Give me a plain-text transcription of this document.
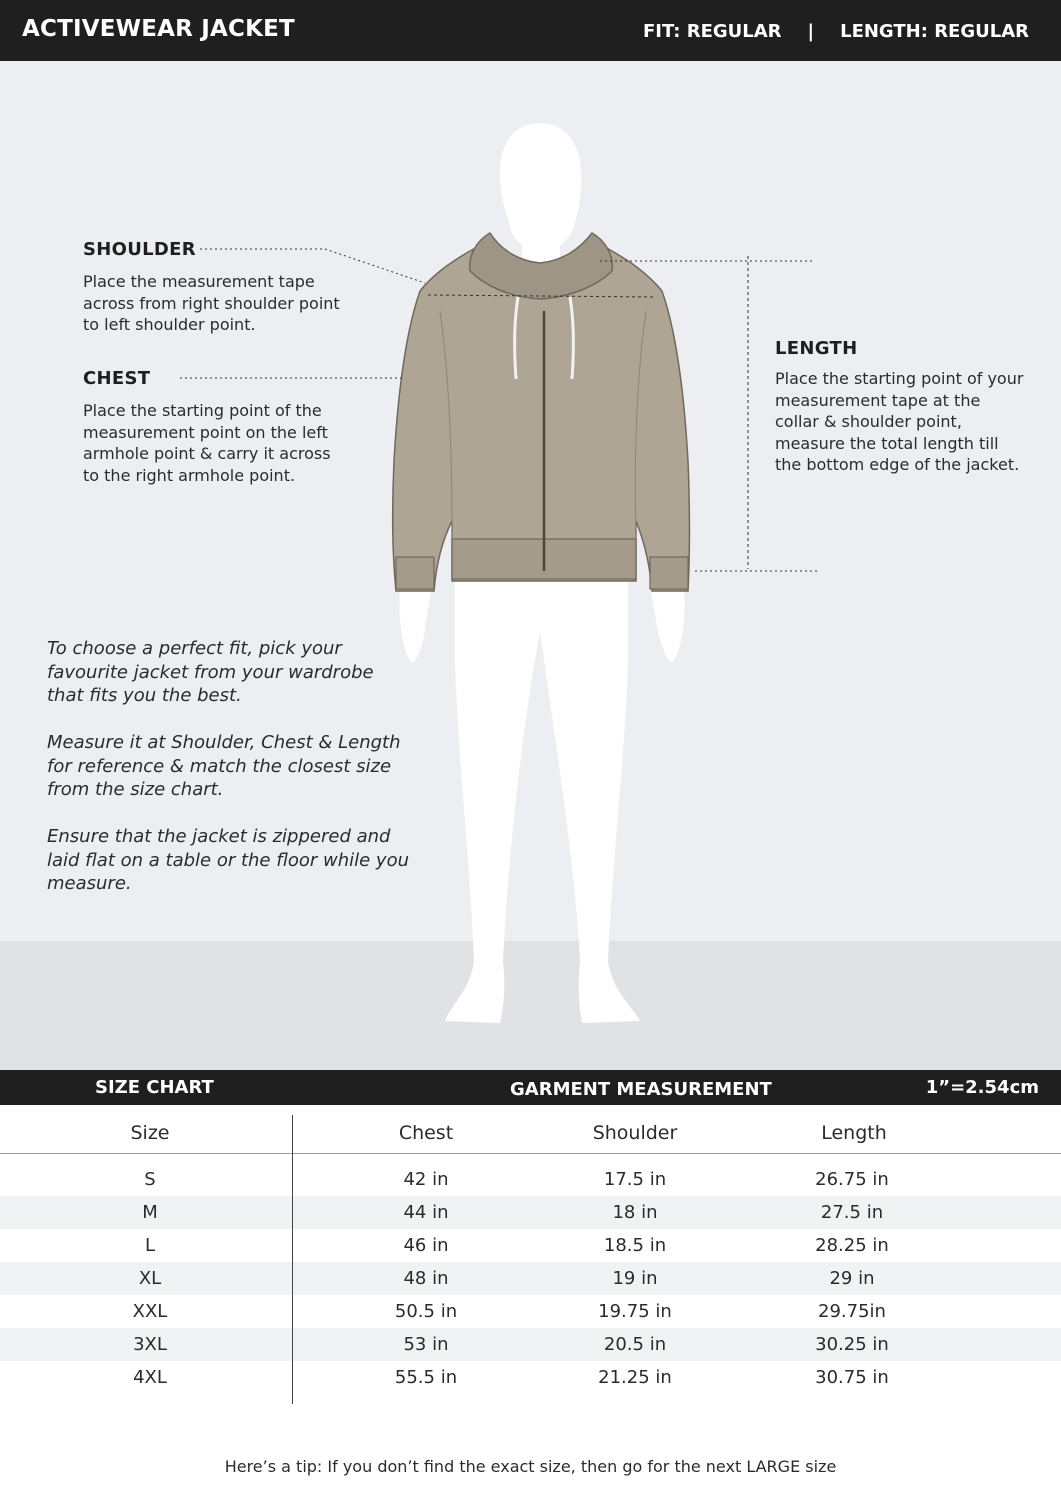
ACTIVEWEAR JACKET	FIT: REGULAR | LENGTH: REGULAR
SHOULDER
Place the measurement tape
across from right shoulder point
to left shoulder point.
CHEST
Place the starting point of the
measurement point on the left
armhole point & carry it across
to the right armhole point.
LENGTH
Place the starting point of your
measurement tape at the
collar & shoulder point,
measure the total length till
the bottom edge of the jacket.
To choose a perfect fit, pick your
favourite jacket from your wardrobe
that fits you the best.
Measure it at Shoulder, Chest & Length
for reference & match the closest size
from the size chart.
Ensure that the jacket is zippered and
laid flat on a table or the floor while you
measure.
SIZE CHART	GARMENT MEASUREMENT	1”=2.54cm
Size	Chest	Shoulder	Length
S	42 in	17.5 in	26.75 in
M	44 in	18 in	27.5 in
L	46 in	18.5 in	28.25 in
XL	48 in	19 in	29 in
XXL	50.5 in	19.75 in	29.75in
3XL	53 in	20.5 in	30.25 in
4XL	55.5 in	21.25 in	30.75 in
Here’s a tip: If you don’t find the exact size, then go for the next LARGE size
